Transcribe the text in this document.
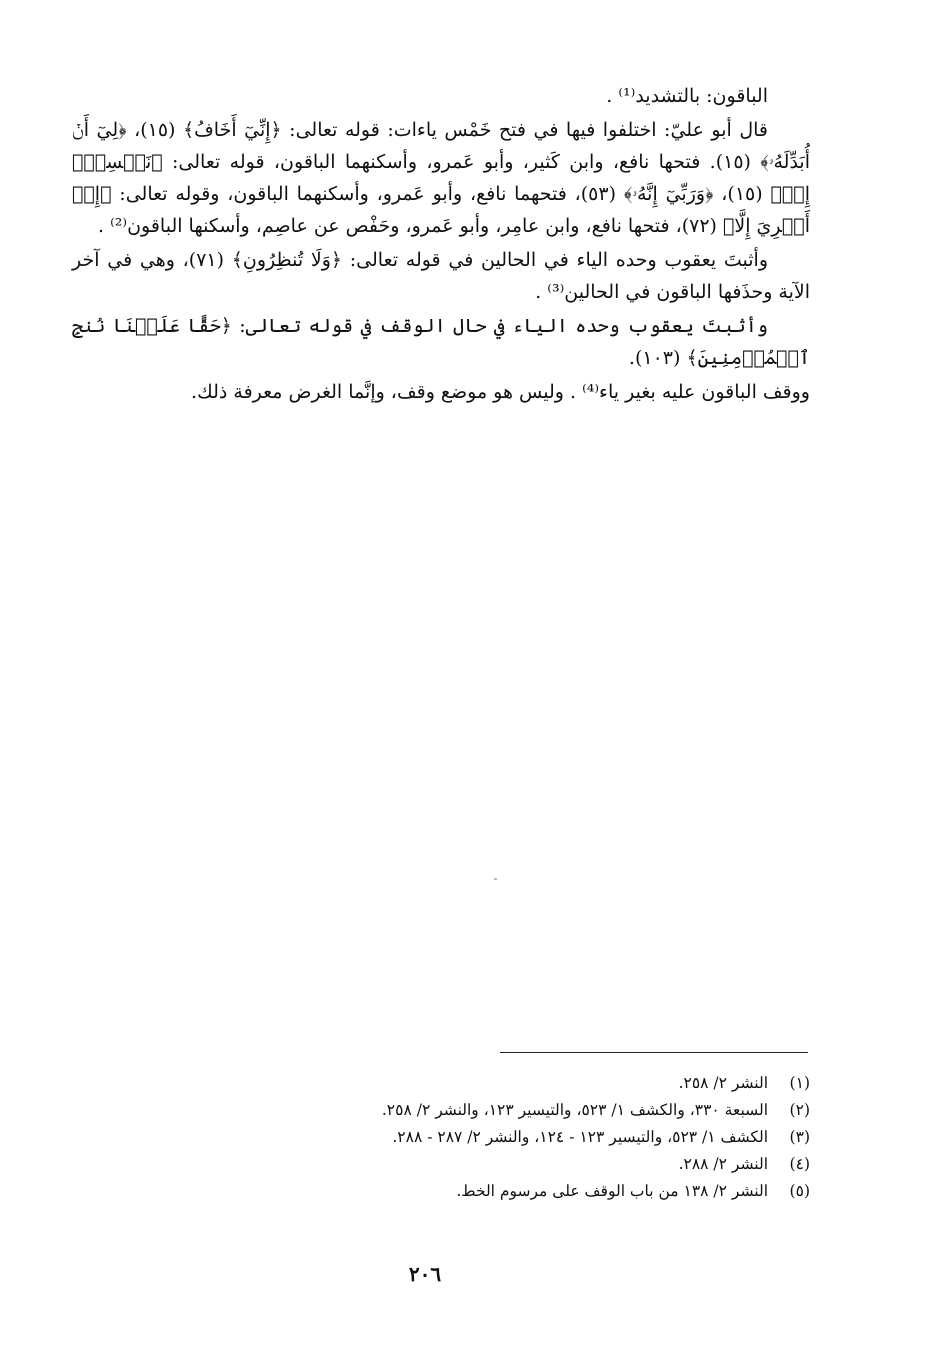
الباقون: بالتشديد⁽¹⁾ .

قال أبو عليّ: اختلفوا فيها في فتح خَمْس ياءات: قوله تعالى: ﴿إِنِّيٓ أَخَافُ﴾ (١٥)، ﴿لِيٓ أَنۡ أُبَدِّلَهُۥ﴾ (١٥). فتحها نافع، وابن كَثير، وأبو عَمرو، وأسكنهما الباقون، قوله تعالى: ﴿نَفۡسِيٓۖ إِنۡ﴾ (١٥)، ﴿وَرَبِّيٓ إِنَّهُۥ﴾ (٥٣)، فتحهما نافع، وأبو عَمرو، وأسكنهما الباقون، وقوله تعالى: ﴿إِنۡ أَجۡرِيَ إِلَّا﴾ (٧٢)، فتحها نافع، وابن عامِر، وأبو عَمرو، وحَفْص عن عاصِم، وأسكنها الباقون⁽²⁾ .

وأثبتَ يعقوب وحده الياء في الحالين في قوله تعالى: ﴿وَلَا تُنظِرُونِ﴾ (٧١)، وهي في آخر الآية وحذَفها الباقون في الحالين⁽³⁾ .

وأثبتَ يعقوب وحده الياء في حال الوقف في قوله تعالى: ﴿حَقًّا عَلَيۡنَا نُنجِ ٱلۡمُؤۡمِنِينَ﴾ (١٠٣).

ووقف الباقون عليه بغير ياء⁽⁴⁾ . وليس هو موضع وقف، وإنَّما الغرض معرفة ذلك.

(١)النشر ٢/ ٢٥٨.
(٢)السبعة ٣٣٠، والكشف ١/ ٥٢٣، والتيسير ١٢٣، والنشر ٢/ ٢٥٨.
(٣)الكشف ١/ ٥٢٣، والتيسير ١٢٣ - ١٢٤، والنشر ٢/ ٢٨٧ - ٢٨٨.
(٤)النشر ٢/ ٢٨٨.
(٥)النشر ٢/ ١٣٨ من باب الوقف على مرسوم الخط.
٢٠٦
